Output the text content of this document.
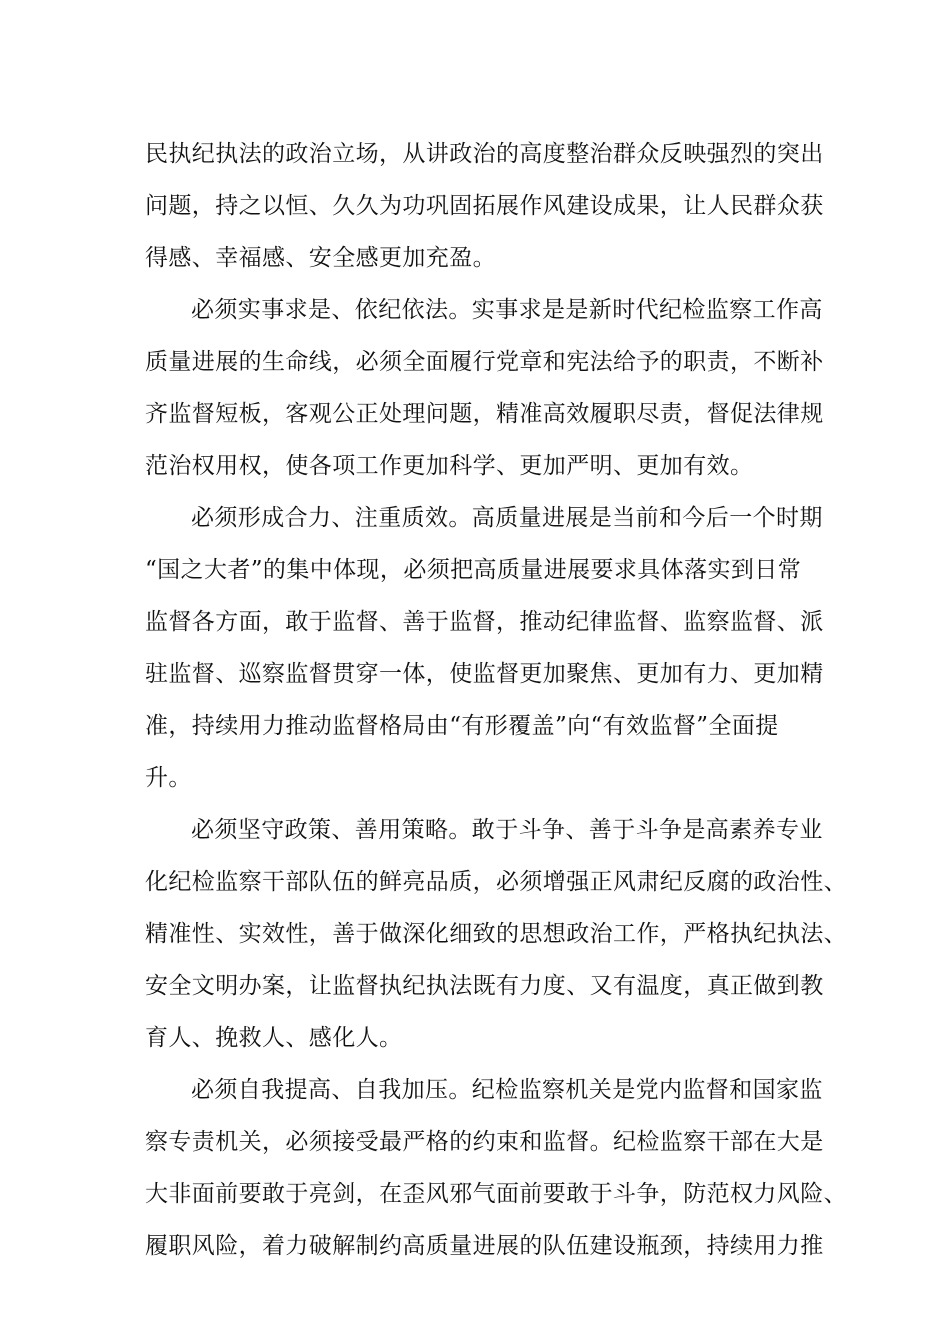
民执纪执法的政治立场，从讲政治的高度整治群众反映强烈的突出
问题，持之以恒、久久为功巩固拓展作风建设成果，让人民群众获
得感、幸福感、安全感更加充盈。
必须实事求是、依纪依法。实事求是是新时代纪检监察工作高
质量进展的生命线，必须全面履行党章和宪法给予的职责，不断补
齐监督短板，客观公正处理问题，精准高效履职尽责，督促法律规
范治权用权，使各项工作更加科学、更加严明、更加有效。
必须形成合力、注重质效。高质量进展是当前和今后一个时期
“国之大者”的集中体现，必须把高质量进展要求具体落实到日常
监督各方面，敢于监督、善于监督，推动纪律监督、监察监督、派
驻监督、巡察监督贯穿一体，使监督更加聚焦、更加有力、更加精
准，持续用力推动监督格局由“有形覆盖”向“有效监督”全面提
升。
必须坚守政策、善用策略。敢于斗争、善于斗争是高素养专业
化纪检监察干部队伍的鲜亮品质，必须增强正风肃纪反腐的政治性、
精准性、实效性，善于做深化细致的思想政治工作，严格执纪执法、
安全文明办案，让监督执纪执法既有力度、又有温度，真正做到教
育人、挽救人、感化人。
必须自我提高、自我加压。纪检监察机关是党内监督和国家监
察专责机关，必须接受最严格的约束和监督。纪检监察干部在大是
大非面前要敢于亮剑，在歪风邪气面前要敢于斗争，防范权力风险、
履职风险，着力破解制约高质量进展的队伍建设瓶颈，持续用力推
